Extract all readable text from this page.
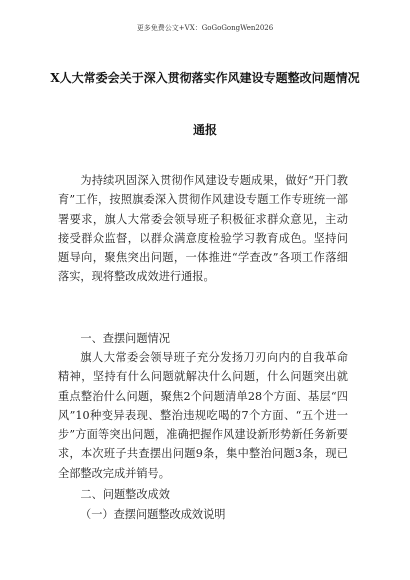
更多免费公文+VX：GoGoGongWen2026
X人大常委会关于深入贯彻落实作风建设专题整改问题情况
通报

为持续巩固深入贯彻作风建设专题成果，做好“开门教育”工作，按照旗委深入贯彻作风建设专题工作专班统一部署要求，旗人大常委会领导班子积极征求群众意见，主动接受群众监督，以群众满意度检验学习教育成色。坚持问题导向，聚焦突出问题，一体推进“学查改”各项工作落细落实，现将整改成效进行通报。

一、查摆问题情况

旗人大常委会领导班子充分发扬刀刃向内的自我革命精神，坚持有什么问题就解决什么问题，什么问题突出就重点整治什么问题，聚焦2个问题清单28个方面、基层“四风”10种变异表现、整治违规吃喝的7个方面、“五个进一步”方面等突出问题，准确把握作风建设新形势新任务新要求，本次班子共查摆出问题9条，集中整治问题3条，现已全部整改完成并销号。

二、问题整改成效

（一）查摆问题整改成效说明
